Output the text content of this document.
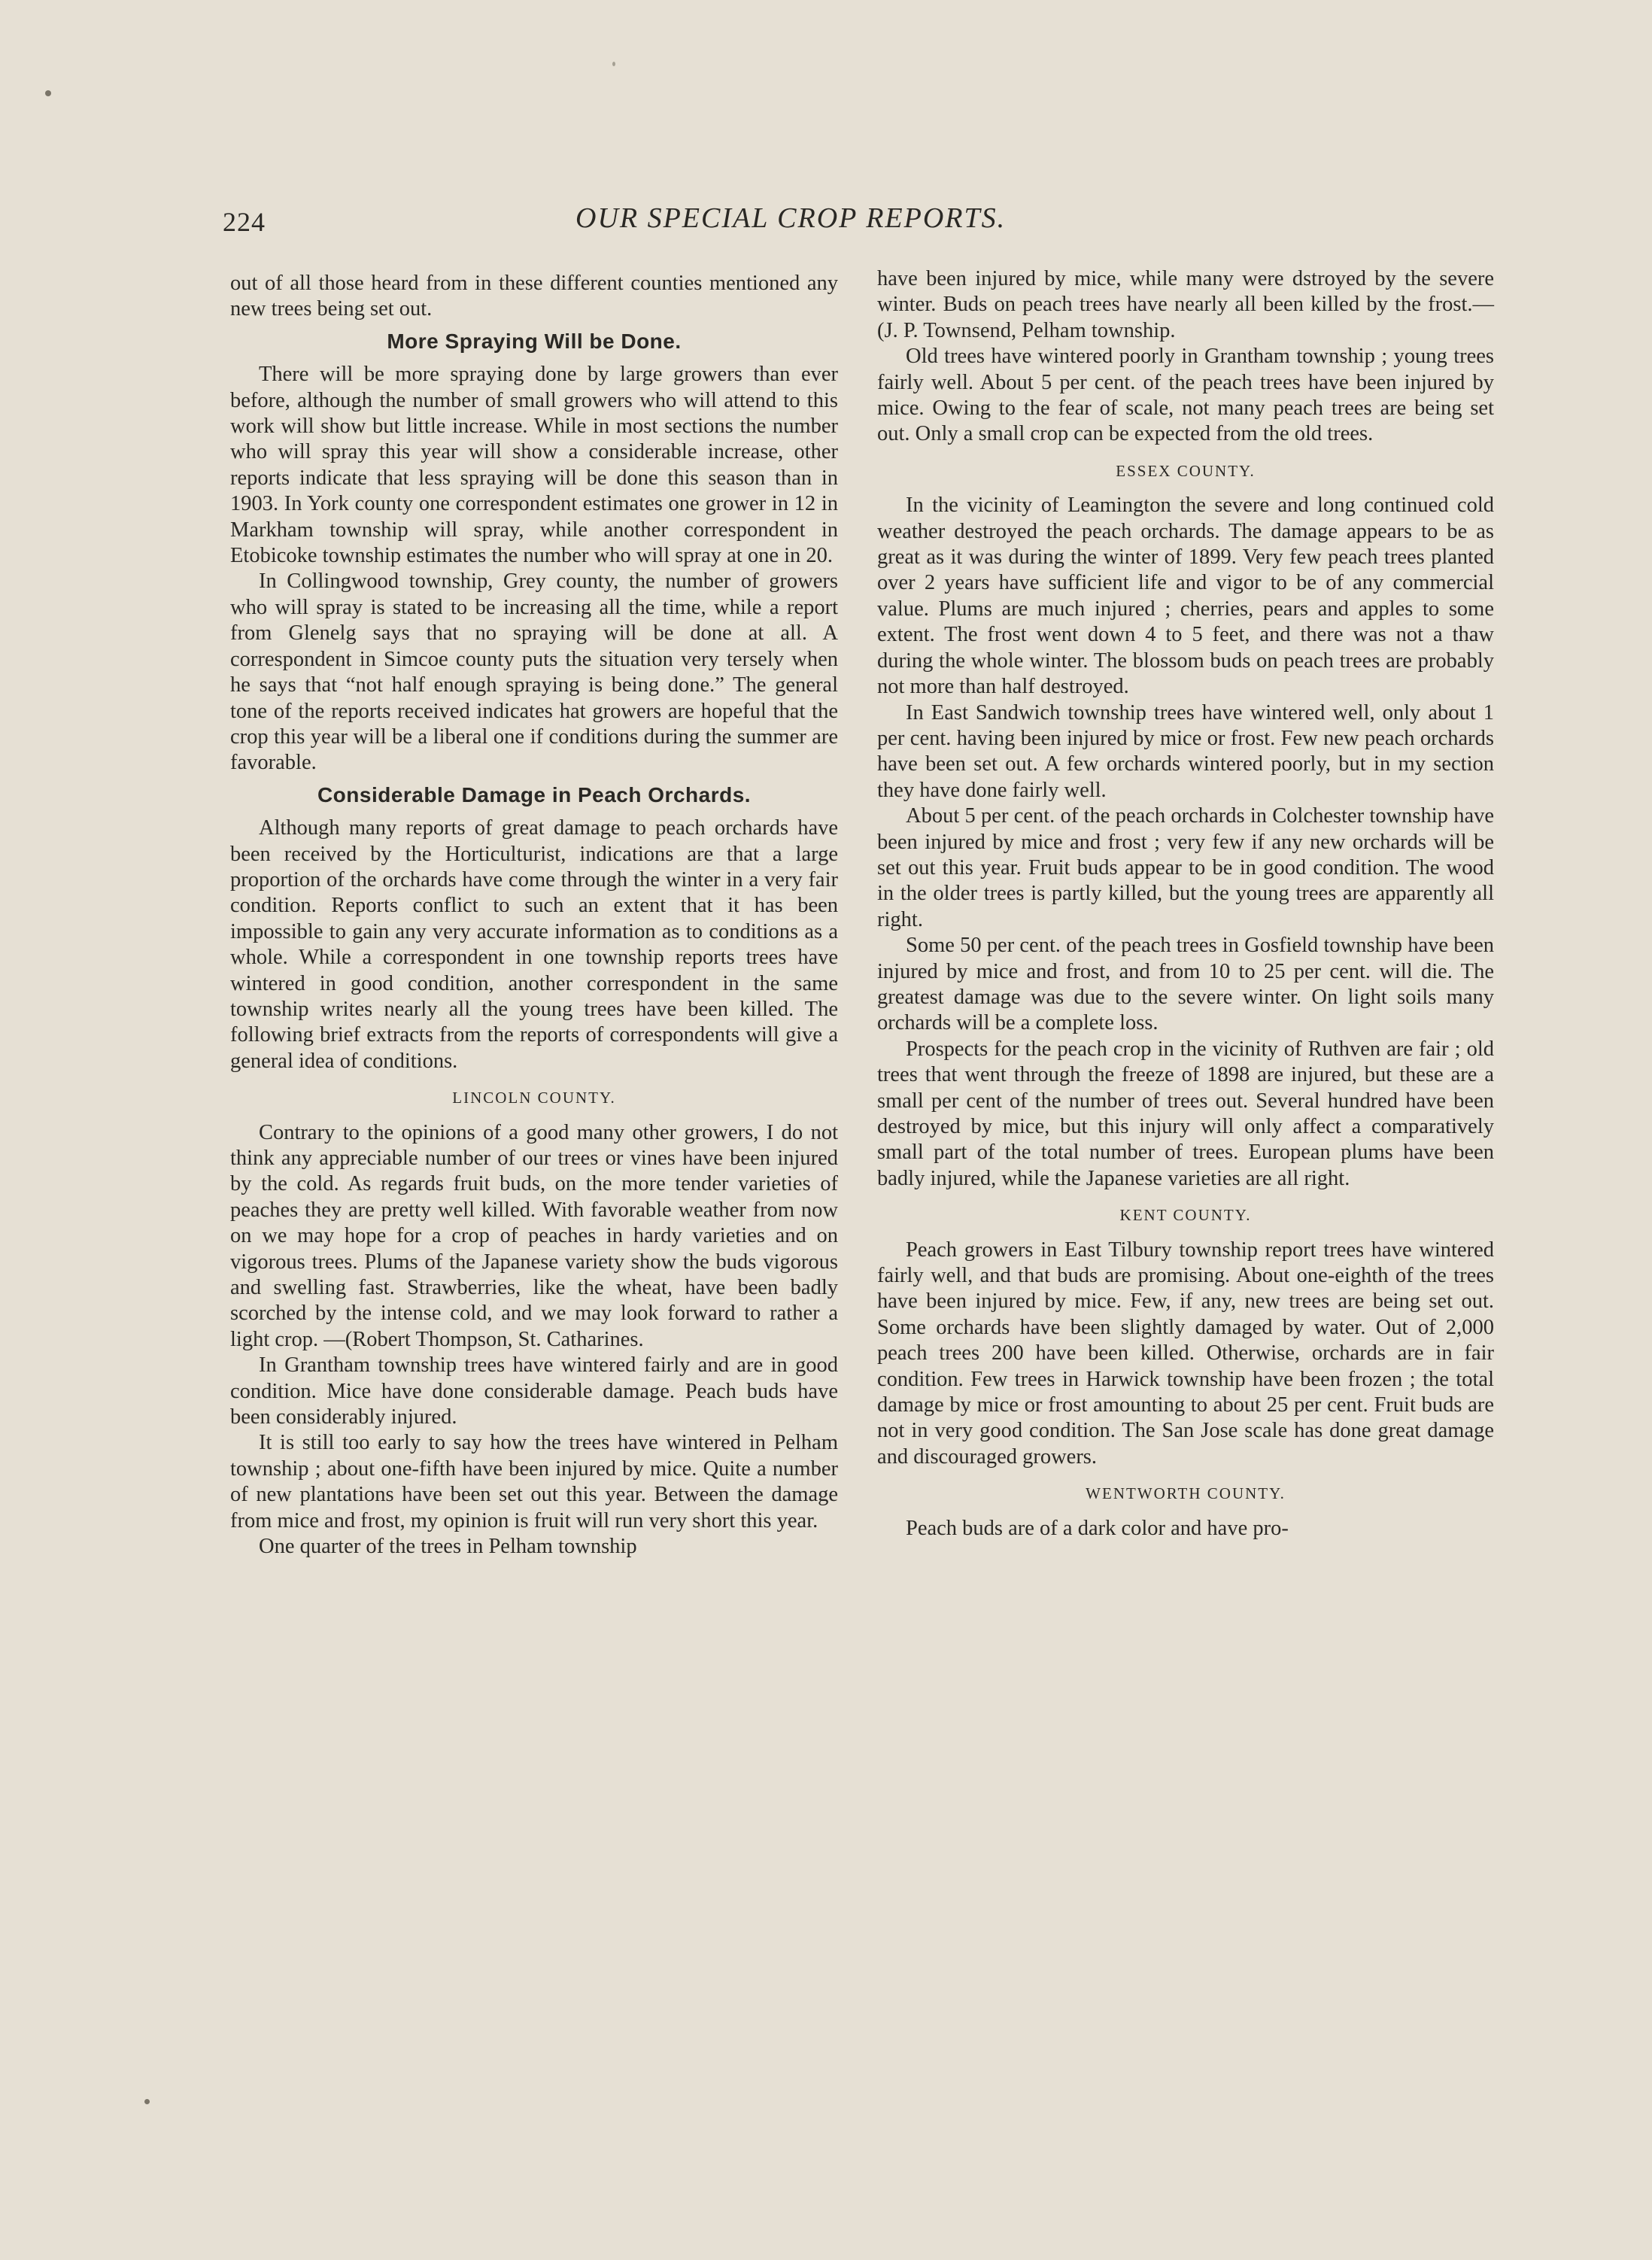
224	OUR SPECIAL CROP REPORTS.

out of all those heard from in these different counties mentioned any new trees being set out.

More Spraying Will be Done.

There will be more spraying done by large growers than ever before, although the number of small growers who will attend to this work will show but little increase. While in most sections the number who will spray this year will show a considerable increase, other reports indicate that less spraying will be done this season than in 1903. In York county one correspondent estimates one grower in 12 in Markham township will spray, while another correspondent in Etobicoke township estimates the number who will spray at one in 20.

In Collingwood township, Grey county, the number of growers who will spray is stated to be increasing all the time, while a report from Glenelg says that no spraying will be done at all. A correspondent in Simcoe county puts the situation very tersely when he says that “not half enough spraying is being done.” The general tone of the reports received indicates hat growers are hopeful that the crop this year will be a liberal one if conditions during the summer are favorable.

Considerable Damage in Peach Orchards.

Although many reports of great damage to peach orchards have been received by the Horticulturist, indications are that a large proportion of the orchards have come through the winter in a very fair condition. Reports conflict to such an extent that it has been impossible to gain any very accurate information as to conditions as a whole. While a correspondent in one township reports trees have wintered in good condition, another correspondent in the same township writes nearly all the young trees have been killed. The following brief extracts from the reports of correspondents will give a general idea of conditions.

LINCOLN COUNTY.

Contrary to the opinions of a good many other growers, I do not think any appreciable number of our trees or vines have been injured by the cold. As regards fruit buds, on the more tender varieties of peaches they are pretty well killed. With favorable weather from now on we may hope for a crop of peaches in hardy varieties and on vigorous trees. Plums of the Japanese variety show the buds vigorous and swelling fast. Strawberries, like the wheat, have been badly scorched by the intense cold, and we may look forward to rather a light crop. —(Robert Thompson, St. Catharines.

In Grantham township trees have wintered fairly and are in good condition. Mice have done considerable damage. Peach buds have been considerably injured.

It is still too early to say how the trees have wintered in Pelham township ; about one-fifth have been injured by mice. Quite a number of new plantations have been set out this year. Between the damage from mice and frost, my opinion is fruit will run very short this year.

One quarter of the trees in Pelham township

have been injured by mice, while many were dstroyed by the severe winter. Buds on peach trees have nearly all been killed by the frost.— (J. P. Townsend, Pelham township.

Old trees have wintered poorly in Grantham township ; young trees fairly well. About 5 per cent. of the peach trees have been injured by mice. Owing to the fear of scale, not many peach trees are being set out. Only a small crop can be expected from the old trees.

ESSEX COUNTY.

In the vicinity of Leamington the severe and long continued cold weather destroyed the peach orchards. The damage appears to be as great as it was during the winter of 1899. Very few peach trees planted over 2 years have sufficient life and vigor to be of any commercial value. Plums are much injured ; cherries, pears and apples to some extent. The frost went down 4 to 5 feet, and there was not a thaw during the whole winter. The blossom buds on peach trees are probably not more than half destroyed.

In East Sandwich township trees have wintered well, only about 1 per cent. having been injured by mice or frost. Few new peach orchards have been set out. A few orchards wintered poorly, but in my section they have done fairly well.

About 5 per cent. of the peach orchards in Colchester township have been injured by mice and frost ; very few if any new orchards will be set out this year. Fruit buds appear to be in good condition. The wood in the older trees is partly killed, but the young trees are apparently all right.

Some 50 per cent. of the peach trees in Gosfield township have been injured by mice and frost, and from 10 to 25 per cent. will die. The greatest damage was due to the severe winter. On light soils many orchards will be a complete loss.

Prospects for the peach crop in the vicinity of Ruthven are fair ; old trees that went through the freeze of 1898 are injured, but these are a small per cent of the number of trees out. Several hundred have been destroyed by mice, but this injury will only affect a comparatively small part of the total number of trees. European plums have been badly injured, while the Japanese varieties are all right.

KENT COUNTY.

Peach growers in East Tilbury township report trees have wintered fairly well, and that buds are promising. About one-eighth of the trees have been injured by mice. Few, if any, new trees are being set out. Some orchards have been slightly damaged by water. Out of 2,000 peach trees 200 have been killed. Otherwise, orchards are in fair condition. Few trees in Harwick township have been frozen ; the total damage by mice or frost amounting to about 25 per cent. Fruit buds are not in very good condition. The San Jose scale has done great damage and discouraged growers.

WENTWORTH COUNTY.

Peach buds are of a dark color and have pro-
